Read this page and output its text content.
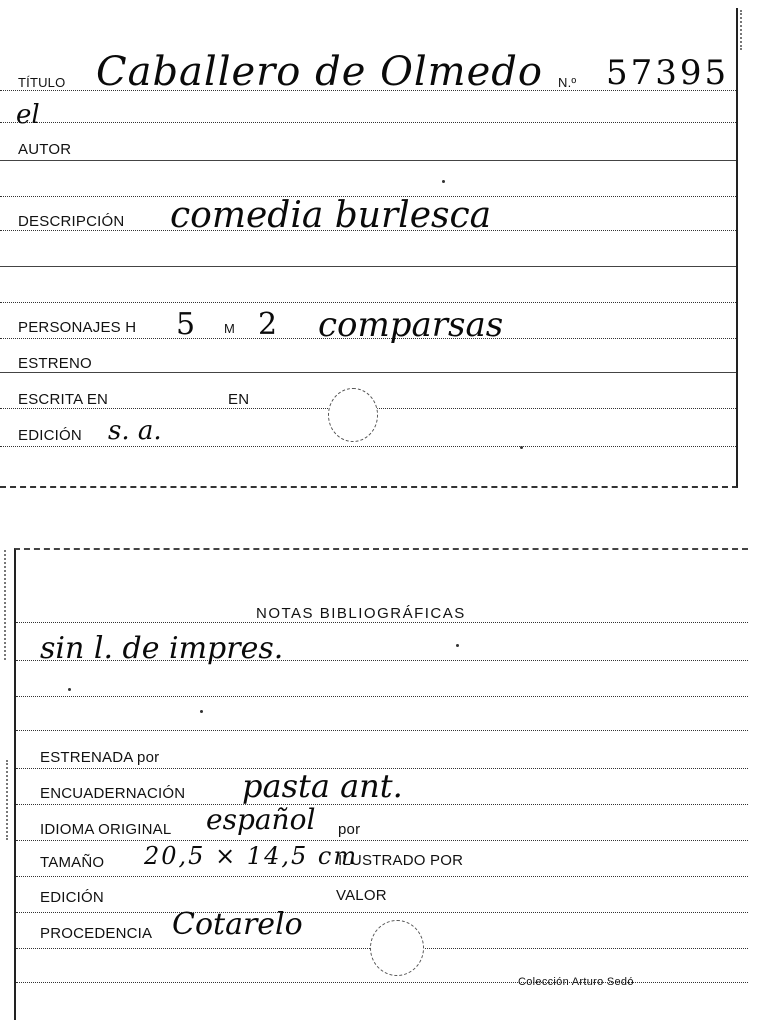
TÍTULO Caballero de Olmedo N.º 57395
el
AUTOR
DESCRIPCIÓN comedia burlesca
PERSONAJES H 5 M 2 comparsas
ESTRENO
ESCRITA EN	EN
EDICIÓN s. a.
NOTAS BIBLIOGRÁFICAS
sin l. de impres.
ESTRENADA por
ENCUADERNACIÓN pasta ant.
IDIOMA ORIGINAL español por
TAMAÑO 20,5 × 14,5 cm
ILUSTRADO POR
EDICIÓN	VALOR
PROCEDENCIA Cotarelo
Colección Arturo Sedó
